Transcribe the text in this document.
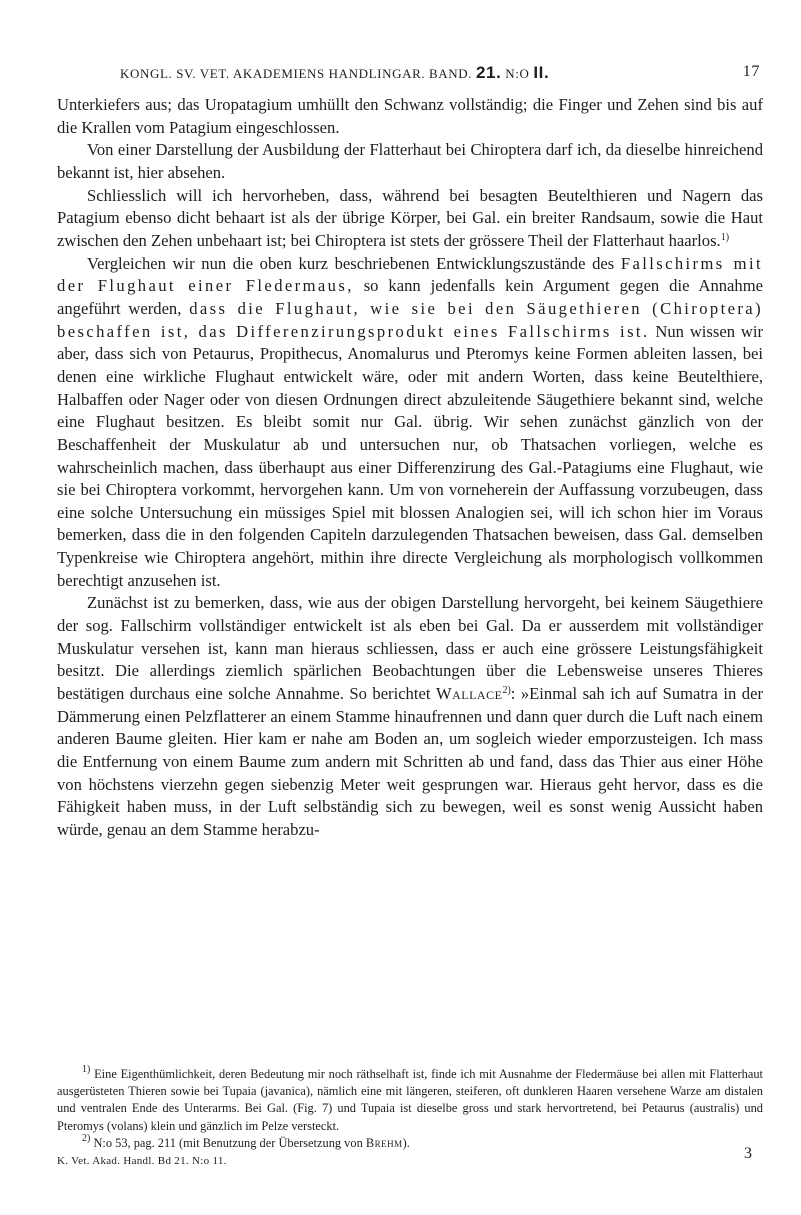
KONGL. SV. VET. AKADEMIENS HANDLINGAR. BAND. 21. N:O II.	17

Unterkiefers aus; das Uropatagium umhüllt den Schwanz vollständig; die Finger und Zehen sind bis auf die Krallen vom Patagium eingeschlossen.

Von einer Darstellung der Ausbildung der Flatterhaut bei Chiroptera darf ich, da dieselbe hinreichend bekannt ist, hier absehen.

Schliesslich will ich hervorheben, dass, während bei besagten Beutelthieren und Nagern das Patagium ebenso dicht behaart ist als der übrige Körper, bei Gal. ein breiter Randsaum, sowie die Haut zwischen den Zehen unbehaart ist; bei Chiroptera ist stets der grössere Theil der Flatterhaut haarlos.$^{1)}$

Vergleichen wir nun die oben kurz beschriebenen Entwicklungszustände des Fallschirms mit der Flughaut einer Fledermaus, so kann jedenfalls kein Argument gegen die Annahme angeführt werden, dass die Flughaut, wie sie bei den Säugethieren (Chiroptera) beschaffen ist, das Differenzirungsprodukt eines Fallschirms ist. Nun wissen wir aber, dass sich von Petaurus, Propithecus, Anomalurus und Pteromys keine Formen ableiten lassen, bei denen eine wirkliche Flughaut entwickelt wäre, oder mit andern Worten, dass keine Beutelthiere, Halbaffen oder Nager oder von diesen Ordnungen direct abzuleitende Säugethiere bekannt sind, welche eine Flughaut besitzen. Es bleibt somit nur Gal. übrig. Wir sehen zunächst gänzlich von der Beschaffenheit der Muskulatur ab und untersuchen nur, ob Thatsachen vorliegen, welche es wahrscheinlich machen, dass überhaupt aus einer Differenzirung des Gal.-Patagiums eine Flughaut, wie sie bei Chiroptera vorkommt, hervorgehen kann. Um von vorneherein der Auffassung vorzubeugen, dass eine solche Untersuchung ein müssiges Spiel mit blossen Analogien sei, will ich schon hier im Voraus bemerken, dass die in den folgenden Capiteln darzulegenden Thatsachen beweisen, dass Gal. demselben Typenkreise wie Chiroptera angehört, mithin ihre directe Vergleichung als morphologisch vollkommen berechtigt anzusehen ist.

Zunächst ist zu bemerken, dass, wie aus der obigen Darstellung hervorgeht, bei keinem Säugethiere der sog. Fallschirm vollständiger entwickelt ist als eben bei Gal. Da er ausserdem mit vollständiger Muskulatur versehen ist, kann man hieraus schliessen, dass er auch eine grössere Leistungsfähigkeit besitzt. Die allerdings ziemlich spärlichen Beobachtungen über die Lebensweise unseres Thieres bestätigen durchaus eine solche Annahme. So berichtet Wallace$^{2)}$: »Einmal sah ich auf Sumatra in der Dämmerung einen Pelzflatterer an einem Stamme hinaufrennen und dann quer durch die Luft nach einem anderen Baume gleiten. Hier kam er nahe am Boden an, um sogleich wieder emporzusteigen. Ich mass die Entfernung von einem Baume zum andern mit Schritten ab und fand, dass das Thier aus einer Höhe von höchstens vierzehn gegen siebenzig Meter weit gesprungen war. Hieraus geht hervor, dass es die Fähigkeit haben muss, in der Luft selbständig sich zu bewegen, weil es sonst wenig Aussicht haben würde, genau an dem Stamme herabzu-

$^{1)}$ Eine Eigenthümlichkeit, deren Bedeutung mir noch räthselhaft ist, finde ich mit Ausnahme der Fledermäuse bei allen mit Flatterhaut ausgerüsteten Thieren sowie bei Tupaia (javanica), nämlich eine mit längeren, steiferen, oft dunkleren Haaren versehene Warze am distalen und ventralen Ende des Unterarms. Bei Gal. (Fig. 7) und Tupaia ist dieselbe gross und stark hervortretend, bei Petaurus (australis) und Pteromys (volans) klein und gänzlich im Pelze versteckt.

$^{2)}$ N:o 53, pag. 211 (mit Benutzung der Übersetzung von Brehm).

K. Vet. Akad. Handl. Bd 21. N:o 11.	3
